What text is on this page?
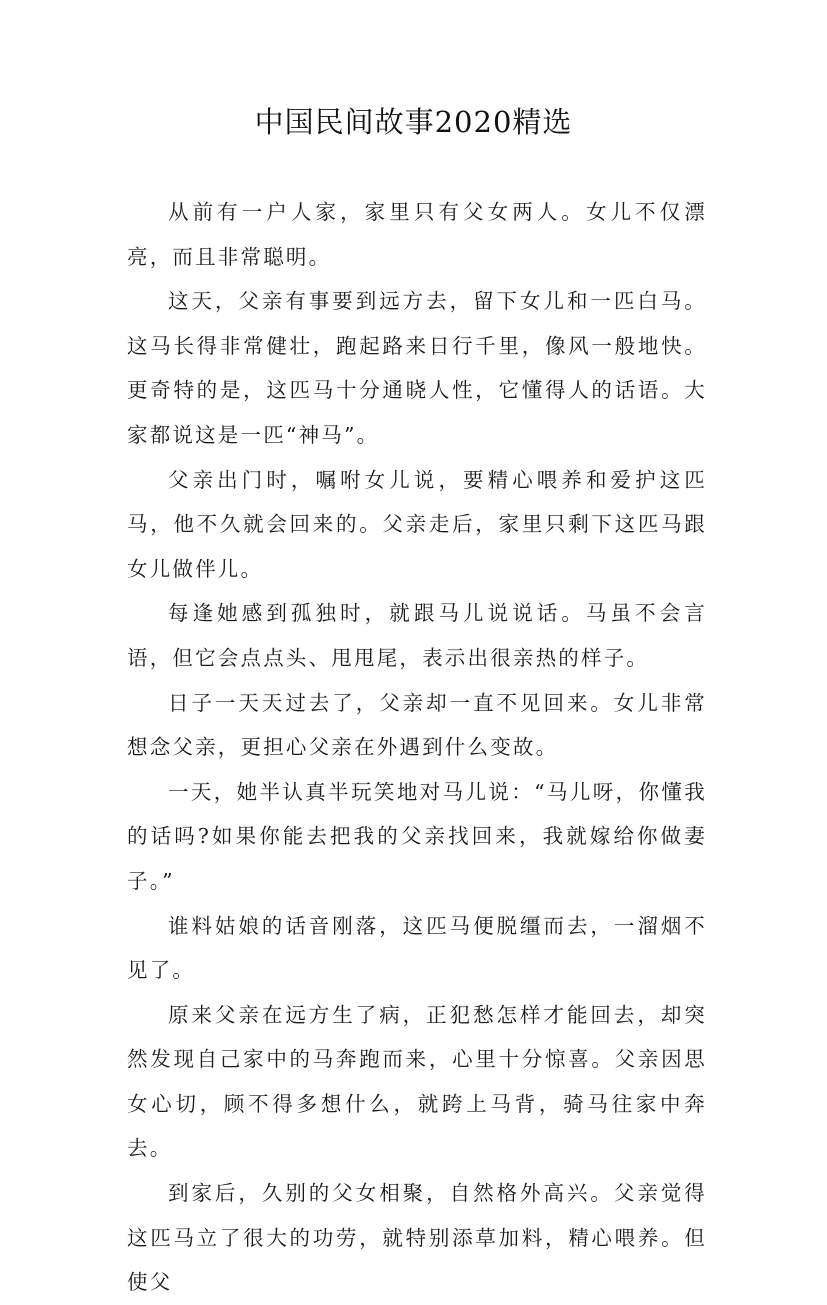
中国民间故事2020精选

从前有一户人家，家里只有父女两人。女儿不仅漂亮，而且非常聪明。

这天，父亲有事要到远方去，留下女儿和一匹白马。这马长得非常健壮，跑起路来日行千里，像风一般地快。更奇特的是，这匹马十分通晓人性，它懂得人的话语。大家都说这是一匹“神马”。

父亲出门时，嘱咐女儿说，要精心喂养和爱护这匹马，他不久就会回来的。父亲走后，家里只剩下这匹马跟女儿做伴儿。

每逢她感到孤独时，就跟马儿说说话。马虽不会言语，但它会点点头、甩甩尾，表示出很亲热的样子。

日子一天天过去了，父亲却一直不见回来。女儿非常想念父亲，更担心父亲在外遇到什么变故。

一天，她半认真半玩笑地对马儿说：“马儿呀，你懂我的话吗?如果你能去把我的父亲找回来，我就嫁给你做妻子。”

谁料姑娘的话音刚落，这匹马便脱缰而去，一溜烟不见了。

原来父亲在远方生了病，正犯愁怎样才能回去，却突然发现自己家中的马奔跑而来，心里十分惊喜。父亲因思女心切，顾不得多想什么，就跨上马背，骑马往家中奔去。

到家后，久别的父女相聚，自然格外高兴。父亲觉得这匹马立了很大的功劳，就特别添草加料，精心喂养。但使父
